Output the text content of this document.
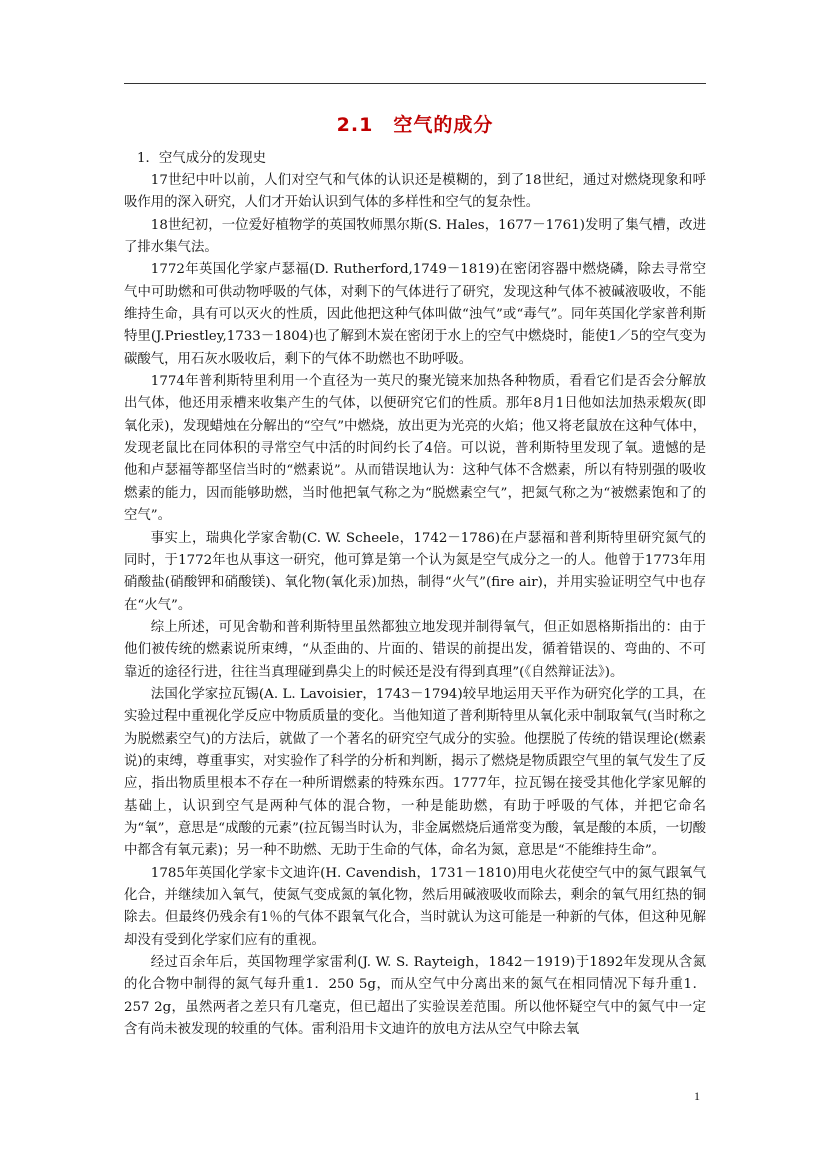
2.1　空气的成分
1．空气成分的发现史

17世纪中叶以前，人们对空气和气体的认识还是模糊的，到了18世纪，通过对燃烧现象和呼吸作用的深入研究，人们才开始认识到气体的多样性和空气的复杂性。

18世纪初，一位爱好植物学的英国牧师黑尔斯(S. Hales，1677－1761)发明了集气槽，改进了排水集气法。

1772年英国化学家卢瑟福(D. Rutherford,1749－1819)在密闭容器中燃烧磷，除去寻常空气中可助燃和可供动物呼吸的气体，对剩下的气体进行了研究，发现这种气体不被碱液吸收，不能维持生命，具有可以灭火的性质，因此他把这种气体叫做“浊气”或“毒气”。同年英国化学家普利斯特里(J.Priestley,1733－1804)也了解到木炭在密闭于水上的空气中燃烧时，能使1／5的空气变为碳酸气，用石灰水吸收后，剩下的气体不助燃也不助呼吸。

1774年普利斯特里利用一个直径为一英尺的聚光镜来加热各种物质，看看它们是否会分解放出气体，他还用汞槽来收集产生的气体，以便研究它们的性质。那年8月1日他如法加热汞煅灰(即氧化汞)，发现蜡烛在分解出的“空气”中燃烧，放出更为光亮的火焰；他又将老鼠放在这种气体中，发现老鼠比在同体积的寻常空气中活的时间约长了4倍。可以说，普利斯特里发现了氧。遗憾的是他和卢瑟福等都坚信当时的“燃素说”。从而错误地认为：这种气体不含燃素，所以有特别强的吸收燃素的能力，因而能够助燃，当时他把氧气称之为“脱燃素空气”，把氮气称之为“被燃素饱和了的空气”。

事实上，瑞典化学家舍勒(C. W. Scheele，1742－1786)在卢瑟福和普利斯特里研究氮气的同时，于1772年也从事这一研究，他可算是第一个认为氮是空气成分之一的人。他曾于1773年用硝酸盐(硝酸钾和硝酸镁)、氧化物(氧化汞)加热，制得“火气”(fire air)，并用实验证明空气中也存在“火气”。

综上所述，可见舍勒和普利斯特里虽然都独立地发现并制得氧气，但正如恩格斯指出的：由于他们被传统的燃素说所束缚，“从歪曲的、片面的、错误的前提出发，循着错误的、弯曲的、不可靠近的途径行进，往往当真理碰到鼻尖上的时候还是没有得到真理”(《自然辩证法》)。

法国化学家拉瓦锡(A. L. Lavoisier，1743－1794)较早地运用天平作为研究化学的工具，在实验过程中重视化学反应中物质质量的变化。当他知道了普利斯特里从氧化汞中制取氧气(当时称之为脱燃素空气)的方法后，就做了一个著名的研究空气成分的实验。他摆脱了传统的错误理论(燃素说)的束缚，尊重事实，对实验作了科学的分析和判断，揭示了燃烧是物质跟空气里的氧气发生了反应，指出物质里根本不存在一种所谓燃素的特殊东西。1777年，拉瓦锡在接受其他化学家见解的基础上，认识到空气是两种气体的混合物，一种是能助燃，有助于呼吸的气体，并把它命名为“氧”，意思是“成酸的元素”(拉瓦锡当时认为，非金属燃烧后通常变为酸，氧是酸的本质，一切酸中都含有氧元素)；另一种不助燃、无助于生命的气体，命名为氮，意思是“不能维持生命”。

1785年英国化学家卡文迪许(H. Cavendish，1731－1810)用电火花使空气中的氮气跟氧气化合，并继续加入氧气，使氮气变成氮的氧化物，然后用碱液吸收而除去，剩余的氧气用红热的铜除去。但最终仍残余有1％的气体不跟氧气化合，当时就认为这可能是一种新的气体，但这种见解却没有受到化学家们应有的重视。

经过百余年后，英国物理学家雷利(J. W. S. Rayteigh，1842－1919)于1892年发现从含氮的化合物中制得的氮气每升重1．250 5g，而从空气中分离出来的氮气在相同情况下每升重1．257 2g，虽然两者之差只有几毫克，但已超出了实验误差范围。所以他怀疑空气中的氮气中一定含有尚未被发现的较重的气体。雷利沿用卡文迪许的放电方法从空气中除去氧

1
